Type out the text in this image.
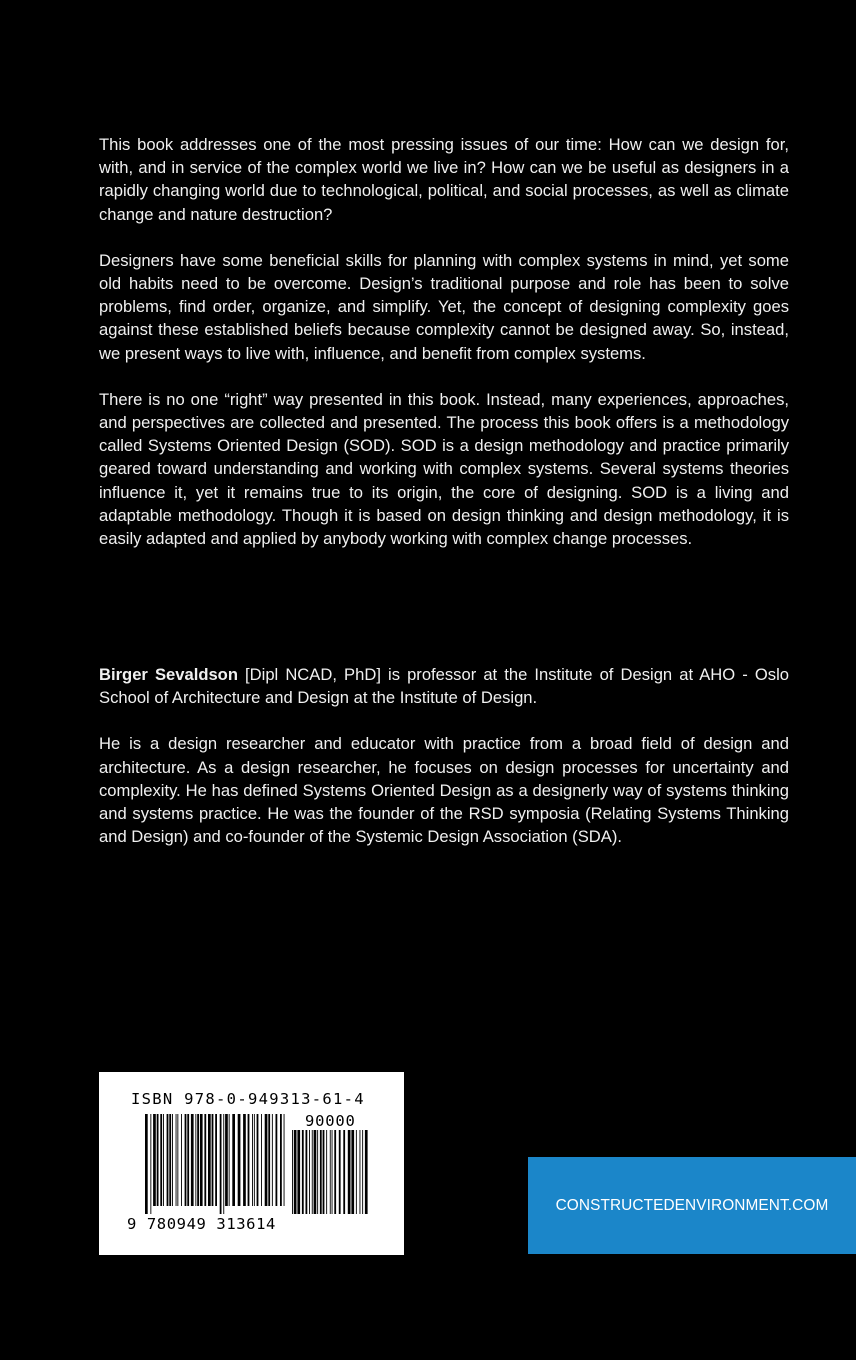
This book addresses one of the most pressing issues of our time: How can we design for, with, and in service of the complex world we live in? How can we be useful as designers in a rapidly changing world due to technological, political, and social processes, as well as climate change and nature destruction?

Designers have some beneficial skills for planning with complex systems in mind, yet some old habits need to be overcome. Design’s traditional purpose and role has been to solve problems, find order, organize, and simplify. Yet, the concept of designing complexity goes against these established beliefs because complexity cannot be designed away. So, instead, we present ways to live with, influence, and benefit from complex systems.

There is no one “right” way presented in this book. Instead, many experiences, approaches, and perspectives are collected and presented. The process this book offers is a methodology called Systems Oriented Design (SOD). SOD is a design methodology and practice primarily geared toward understanding and working with complex systems. Several systems theories influence it, yet it remains true to its origin, the core of designing. SOD is a living and adaptable methodology. Though it is based on design thinking and design methodology, it is easily adapted and applied by anybody working with complex change processes.

Birger Sevaldson [Dipl NCAD, PhD] is professor at the Institute of Design at AHO - Oslo School of Architecture and Design at the Institute of Design.

He is a design researcher and educator with practice from a broad field of design and architecture. As a design researcher, he focuses on design processes for uncertainty and complexity. He has defined Systems Oriented Design as a designerly way of systems thinking and systems practice. He was the founder of the RSD symposia (Relating Systems Thinking and Design) and co-founder of the Systemic Design Association (SDA).

ISBN 978-0-949313-61-4
90000
9 780949 313614
CONSTRUCTEDENVIRONMENT.COM
